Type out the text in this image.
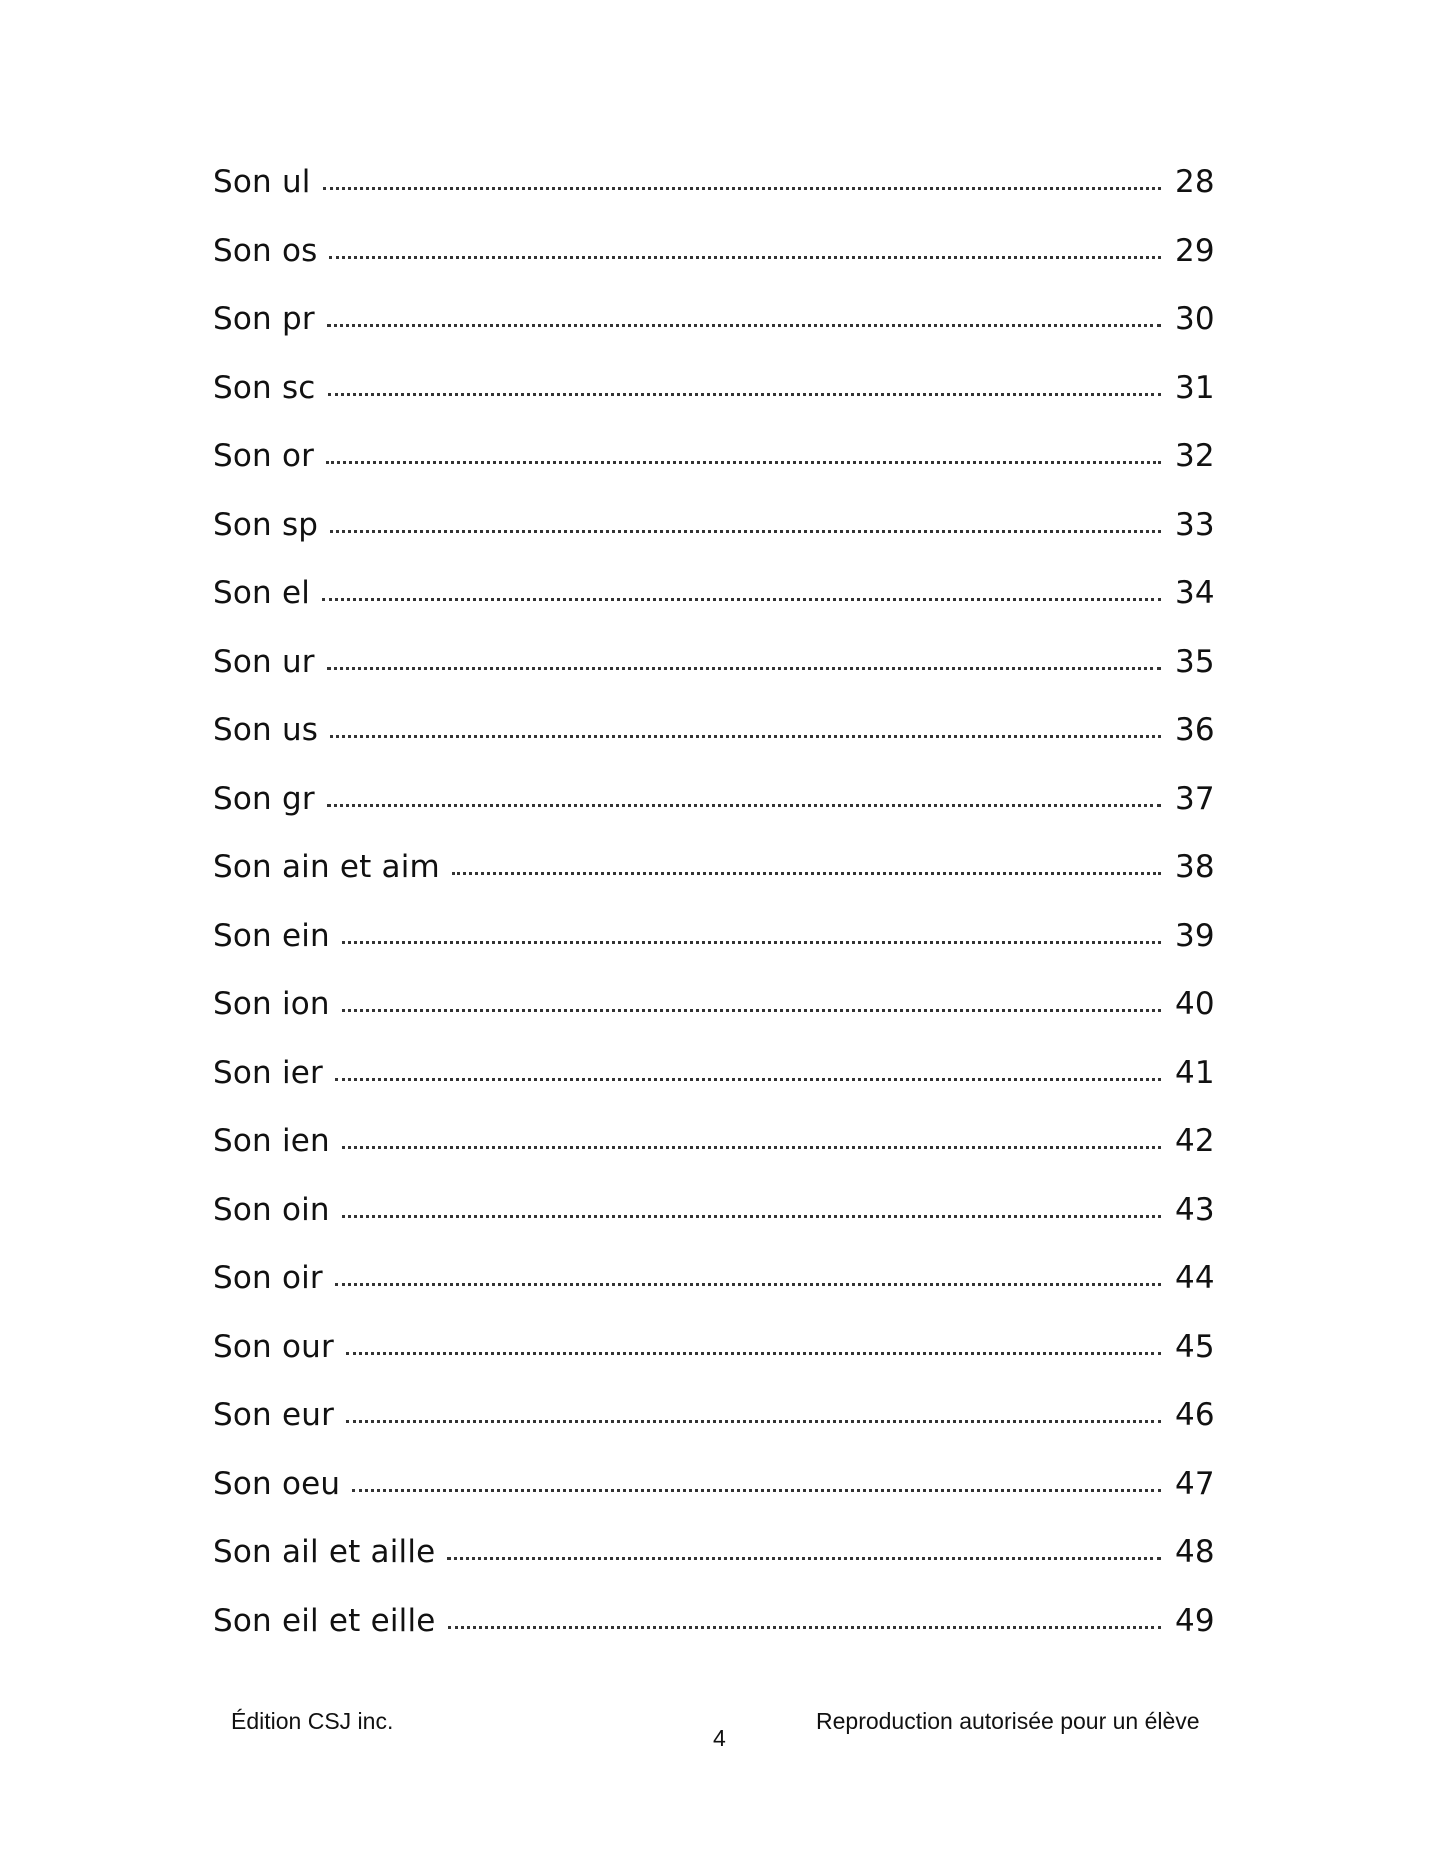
Son ul	28
Son os	29
Son pr	30
Son sc	31
Son or	32
Son sp	33
Son el	34
Son ur	35
Son us	36
Son gr	37
Son ain et aim	38
Son ein	39
Son ion	40
Son ier	41
Son ien	42
Son oin	43
Son oir	44
Son our	45
Son eur	46
Son oeu	47
Son ail et aille	48
Son eil et eille	49
Édition CSJ inc.
4
Reproduction autorisée pour un élève
